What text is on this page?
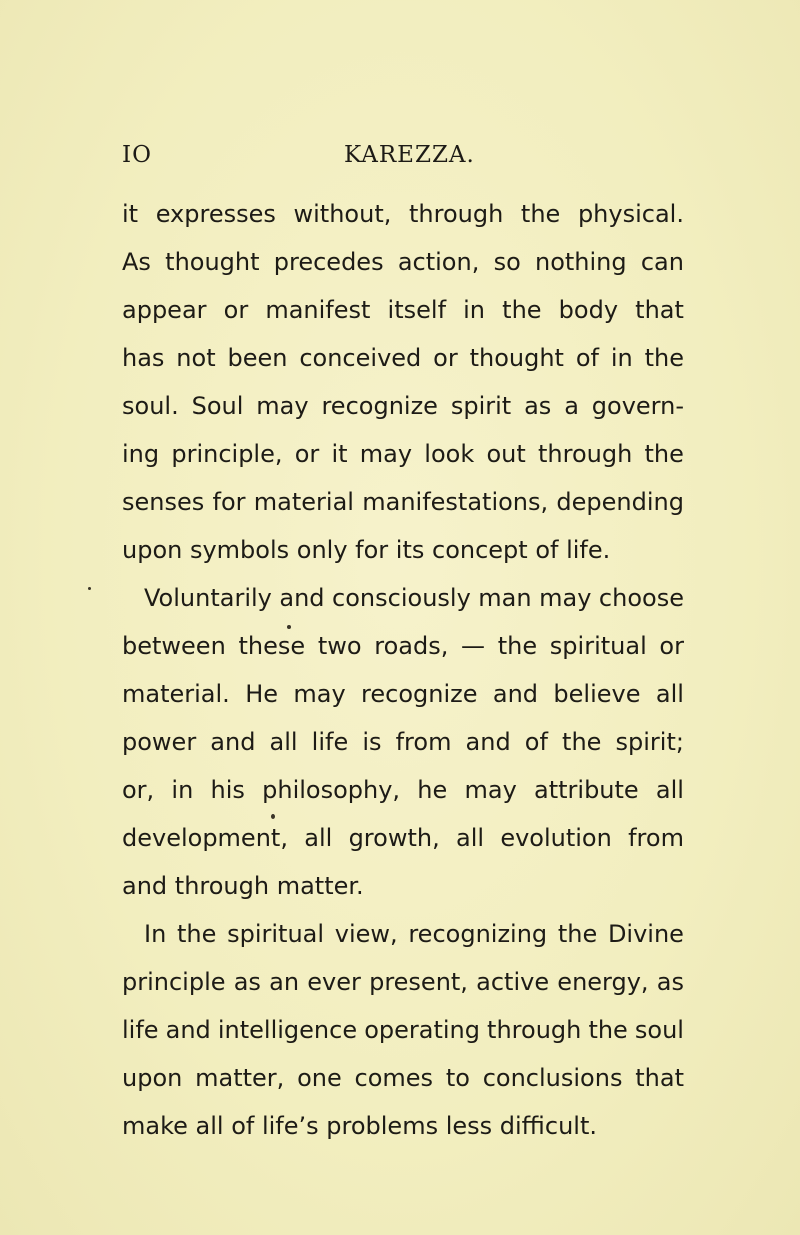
IO	KAREZZA.
it expresses without, through the physical.
As thought precedes action, so nothing can
appear or manifest itself in the body that
has not been conceived or thought of in the
soul. Soul may recognize spirit as a govern-
ing principle, or it may look out through the
senses for material manifestations, depending
upon symbols only for its concept of life.
Voluntarily and consciously man may choose
between these two roads, — the spiritual or
material. He may recognize and believe all
power and all life is from and of the spirit;
or, in his philosophy, he may attribute all
development, all growth, all evolution from
and through matter.
In the spiritual view, recognizing the Divine
principle as an ever present, active energy, as
life and intelligence operating through the soul
upon matter, one comes to conclusions that
make all of life’s problems less difficult.
